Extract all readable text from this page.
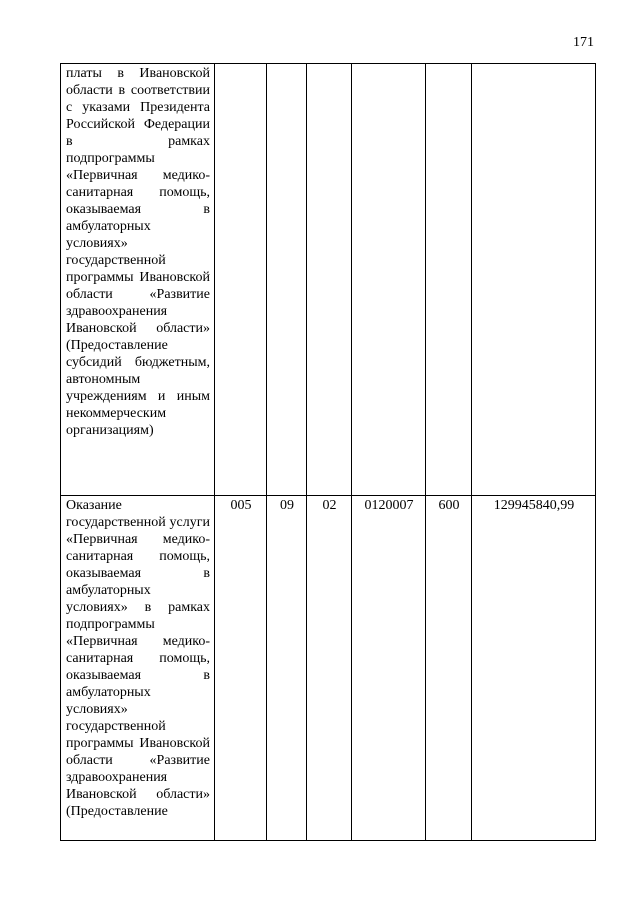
171
платы в Ивановской области в соответствии с указами Президента Российской Федерации в рамках подпрограммы «Первичная медико-санитарная помощь, оказываемая в амбулаторных условиях» государственной программы Ивановской области «Развитие здравоохранения Ивановской области» (Предоставление субсидий бюджетным, автономным учреждениям и иным некоммерческим организациям)						
Оказание государственной услуги «Первичная медико-санитарная помощь, оказываемая в амбулаторных условиях» в рамках подпрограммы «Первичная медико-санитарная помощь, оказываемая в амбулаторных условиях» государственной программы Ивановской области «Развитие здравоохранения Ивановской области» (Предоставление	005	09	02	0120007	600	129945840,99
